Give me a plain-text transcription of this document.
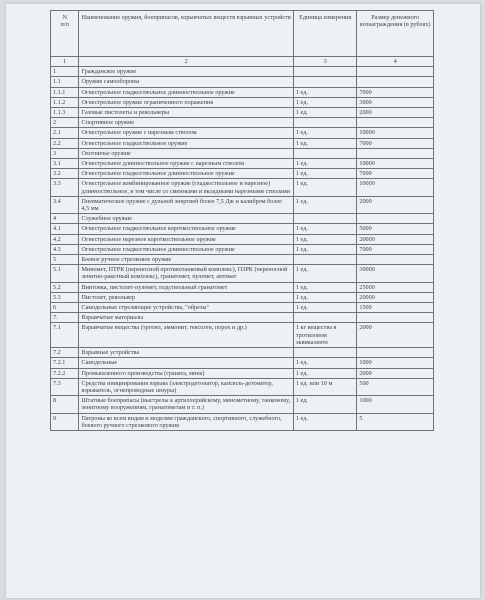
N
п/п	Наименование оружия, боеприпасов, взрывчатых веществ взрывных устройств	Единица измерения	Размер денежного вознаграждения (в рублях)
1	2	3	4
1	Гражданское оружие		
1.1	Оружие самообороны		
1.1.1	Огнестрельное гладкоствольное длинноствольное оружие	1 ед.	7000
1.1.2	Огнестрельное оружие ограниченного поражения	1 ед.	3000
1.1.3	Газовые пистолеты и револьверы	1 ед.	2000
2	Спортивное оружие		
2.1	Огнестрельное оружие с нарезным стволом	1 ед.	10000
2.2	Огнестрельное гладкоствольное оружие	1 ед.	7000
3	Охотничье оружие		
3.1	Огнестрельное длинноствольное оружие с нарезным стволом	1 ед.	10000
3.2	Огнестрельное гладкоствольное длинноствольное оружие	1 ед.	7000
3.3	Огнестрельное комбинированное оружие (гладкоствольное и нарезное) длинноствольное, в том числе со сменными и вкладными нарезными стволами	1 ед.	10000
3.4	Пневматическое оружие с дульной энергией более 7,5 Дж и калибром более 4,5 мм	1 ед.	2000
4	Служебное оружие		
4.1	Огнестрельное гладкоствольное короткоствольное оружие	1 ед.	5000
4.2	Огнестрельное нарезное короткоствольное оружие	1 ед.	20000
4.3	Огнестрельное гладкоствольное длинноствольное оружие	1 ед.	7000
5	Боевое ручное стрелковое оружие		
5.1	Миномет, ПТРК (переносной противотанковый комплекс), ПЗРК (переносной зенитно-ракетный комплекс), гранатомет, пулемет, автомат	1 ед.	30000
5.2	Винтовка, пистолет-пулемет, подствольный гранатомет	1 ед.	25000
5.3	Пистолет, револьвер	1 ед.	20000
6	Самодельные стреляющие устройства, "обрезы"	1 ед.	1500
7.	Взрывчатые материалы		
7.1	Взрывчатые вещества (тротил, аммонит, гексоген, порох и др.)	1 кг вещества в тротиловом эквиваленте	2000
7.2	Взрывные устройства		
7.2.1	Самодельные	1 ед.	1000
7.2.2	Промышленного производства (граната, мина)	1 ед.	2000
7.3	Средства инициирования взрыва (электродетонатор, капсюль-детонатор, взрыватель, огнепроводные шнуры)	1 ед. или 10 м	500
8	Штатные боеприпасы (выстрелы к артиллерийскому, минометному, танковому, зенитному вооружениям, гранатометам и т. п.)	1 ед.	1000
9	Патроны ко всем видам и моделям гражданского, спортивного, служебного, боевого ручного стрелкового оружия	1 ед.	5
